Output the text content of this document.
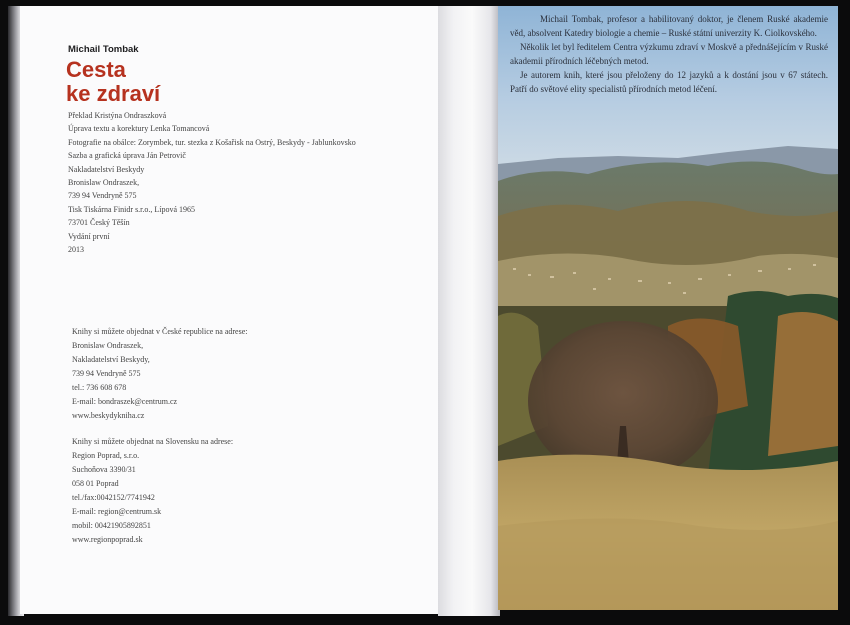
Michail Tombak

Cesta
ke zdraví
Překlad Kristýna Ondraszková
Úprava textu a korektury Lenka Tomancová
Fotografie na obálce: Zorymbek, tur. stezka z Košařisk na Ostrý, Beskydy - Jablunkovsko
Sazba a grafická úprava Ján Petrovič
Nakladatelství Beskydy
Bronislaw Ondraszek,
739 94 Vendryně 575
Tisk Tiskárna Finidr s.r.o., Lípová 1965
73701 Český Těšín
Vydání první
2013
Knihy si můžete objednat v České republice na adrese:
Bronislaw Ondraszek,
Nakladatelství Beskydy,
739 94 Vendryně 575
tel.: 736 608 678
E-mail: bondraszek@centrum.cz
www.beskydykniha.cz
Knihy si můžete objednat na Slovensku na adrese:
Region Poprad, s.r.o.
Suchoňova 3390/31
058 01 Poprad
tel./fax:0042152/7741942
E-mail: region@centrum.sk
mobil: 00421905892851
www.regionpoprad.sk

Michail Tombak, profesor a habilitovaný doktor, je členem Ruské akademie věd, absolvent Katedry biologie a chemie – Ruské státní univerzity K. Ciolkovského.

Několik let byl ředitelem Centra výzkumu zdraví v Moskvě a přednášejícím v Ruské akademii přírodních léčebných metod.

Je autorem knih, které jsou přeloženy do 12 jazyků a k dostání jsou v 67 státech. Patří do světové elity specialistů přírodních metod léčení.
